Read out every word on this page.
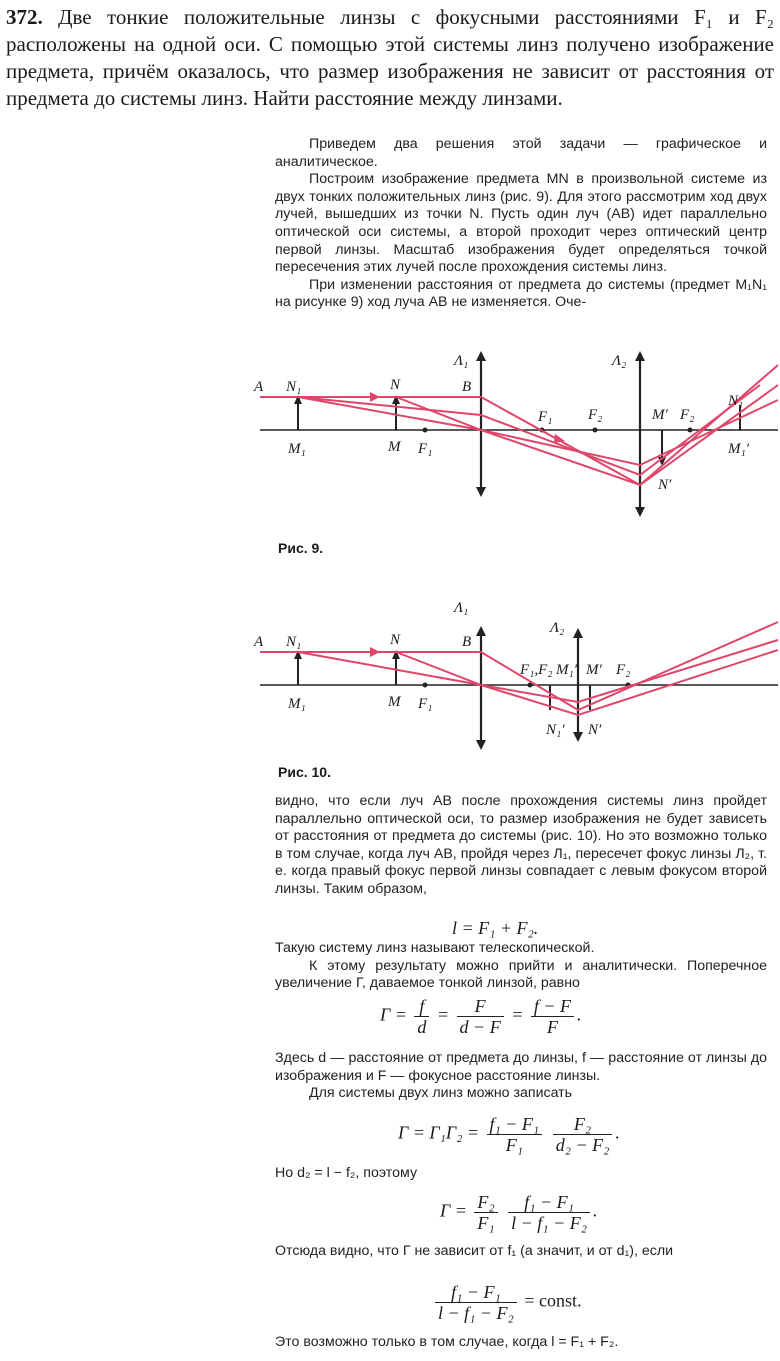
372. Две тонкие положительные линзы с фокусными расстояниями F₁ и F₂ расположены на одной оси. С помощью этой системы линз получено изображение предмета, причём оказалось, что размер изображения не зависит от расстояния от предмета до системы линз. Найти расстояние между линзами.

Приведем два решения этой задачи — графическое и аналитическое.

Построим изображение предмета MN в произвольной системе из двух тонких положительных линз (рис. 9). Для этого рассмотрим ход двух лучей, вышедших из точки N. Пусть один луч (AB) идет параллельно оптической оси системы, а второй проходит через оптический центр первой линзы. Масштаб изображения будет определяться точкой пересечения этих лучей после прохождения системы линз.

При изменении расстояния от предмета до системы (предмет M₁N₁ на рисунке 9) ход луча AB не изменяется. Оче-

A N₁	N	B
Λ₁	Λ₂
M₁	M F₁
F₁ F₂	M′ F₂
N′
M₁′
N₁
Рис. 9.
A N₁	N	B
Λ₁
Λ₂
M₁	M F₁
F₁,F₂ M₁′ M′ F₂
N₁′ N′
Рис. 10.

видно, что если луч AB после прохождения системы линз пройдет параллельно оптической оси, то размер изображения не будет зависеть от расстояния от предмета до системы (рис. 10). Но это возможно только в том случае, когда луч AB, пройдя через Л₁, пересечет фокус линзы Л₂, т. е. когда правый фокус первой линзы совпадает с левым фокусом второй линзы. Таким образом,

l = F₁ + F₂.

Такую систему линз называют телескопической.

К этому результату можно прийти и аналитически. Поперечное увеличение Г, даваемое тонкой линзой, равно

$Г = \frac{f}{d} = \frac{F}{d - F} = \frac{f - F}{F}$ .

Здесь d — расстояние от предмета до линзы, f — расстояние от линзы до изображения и F — фокусное расстояние линзы.

Для системы двух линз можно записать

$Г = Г_1Г_2 = \frac{\text{f₁ − F₁}}{\text{F₁}}$
$\frac{\text{F₂}}{\text{d₂ − F₂}}$ .

Но d₂ = l − f₂, поэтому

$Г = \frac{\text{F₂}}{\text{F₁}}$
$\frac{\text{f₁ − F₁}}{\text{l − f₁ − F₂}}$ .

Отсюда видно, что Г не зависит от f₁ (а значит, и от d₁), если

$\frac{\text{f₁ − F₁}}{\text{l − f₁ − F₂}}$ = const.

Это возможно только в том случае, когда l = F₁ + F₂.
